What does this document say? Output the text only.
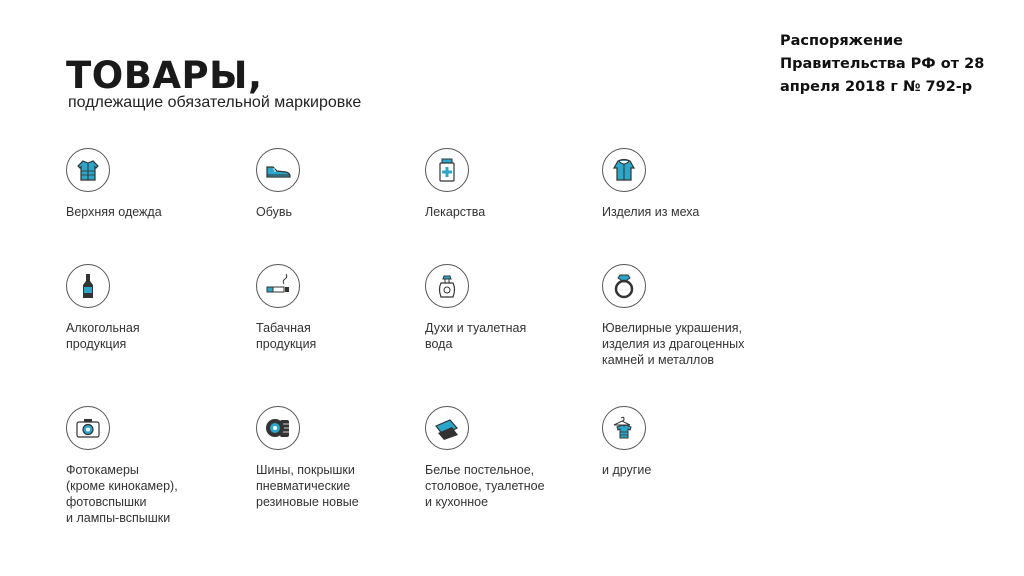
ТОВАРЫ,
подлежащие обязательной маркировке
Распоряжение
Правительства РФ от 28
апреля 2018 г № 792-р
Верхняя одежда	Обувь	Лекарства	Изделия из меха
Алкогольная
продукция
Табачная
продукция
Духи и туалетная
вода
Ювелирные украшения,
изделия из драгоценных
камней и металлов
Фотокамеры
(кроме кинокамер),
фотовспышки
и лампы-вспышки
Шины, покрышки
пневматические
резиновые новые
Белье постельное,
столовое, туалетное
и кухонное
и другие
